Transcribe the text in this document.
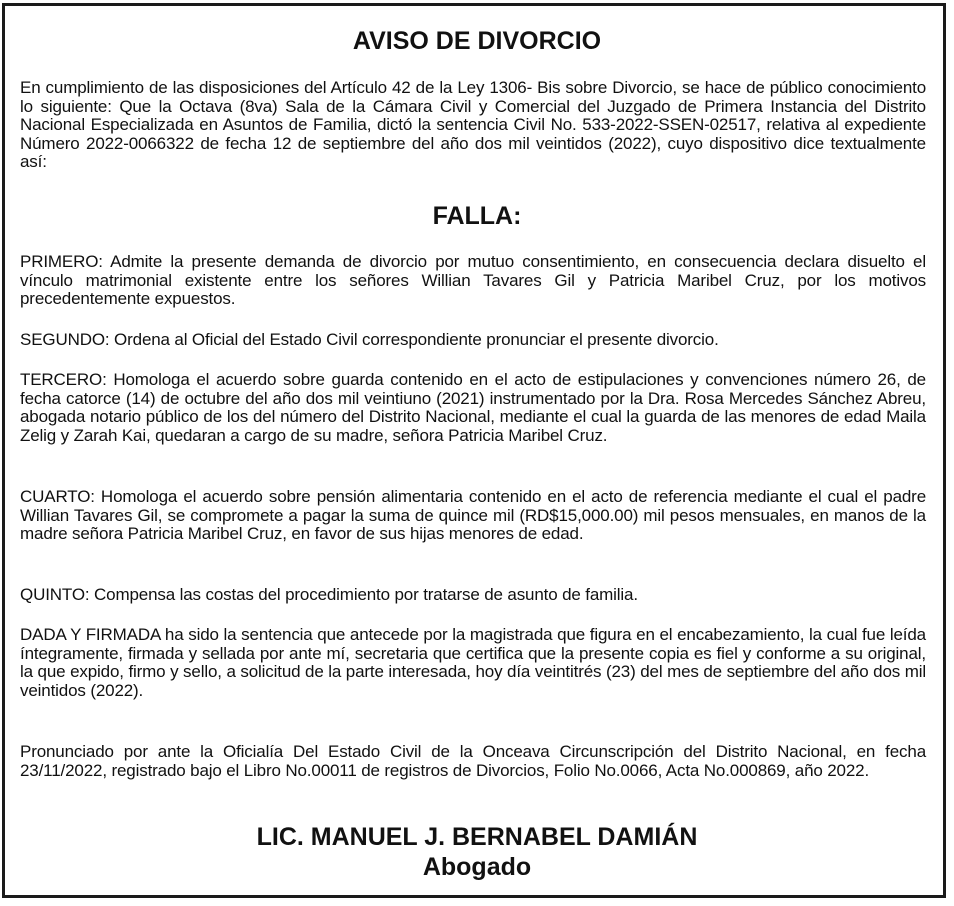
AVISO DE DIVORCIO

En cumplimiento de las disposiciones del Artículo 42 de la Ley 1306- Bis sobre Divorcio, se hace de público conocimiento lo siguiente: Que la Octava (8va) Sala de la Cámara Civil y Comercial del Juzgado de Primera Instancia del Distrito Nacional Especializada en Asuntos de Familia, dictó la sentencia Civil No. 533-2022-SSEN-02517, relativa al expediente Número 2022-0066322 de fecha 12 de septiembre del año dos mil veintidos (2022), cuyo dispositivo dice textualmente así:

FALLA:

PRIMERO: Admite la presente demanda de divorcio por mutuo consentimiento, en consecuencia declara disuelto el vínculo matrimonial existente entre los señores Willian Tavares Gil y Patricia Maribel Cruz, por los motivos precedentemente expuestos.

SEGUNDO: Ordena al Oficial del Estado Civil correspondiente pronunciar el presente divorcio.

TERCERO: Homologa el acuerdo sobre guarda contenido en el acto de estipulaciones y convenciones número 26, de fecha catorce (14) de octubre del año dos mil veintiuno (2021) instrumentado por la Dra. Rosa Mercedes Sánchez Abreu, abogada notario público de los del número del Distrito Nacional, mediante el cual la guarda de las menores de edad Maila Zelig y Zarah Kai, quedaran a cargo de su madre, señora Patricia Maribel Cruz.

CUARTO: Homologa el acuerdo sobre pensión alimentaria contenido en el acto de referencia mediante el cual el padre Willian Tavares Gil, se compromete a pagar la suma de quince mil (RD$15,000.00) mil pesos mensuales, en manos de la madre señora Patricia Maribel Cruz, en favor de sus hijas menores de edad.

QUINTO: Compensa las costas del procedimiento por tratarse de asunto de familia.

DADA Y FIRMADA ha sido la sentencia que antecede por la magistrada que figura en el encabezamiento, la cual fue leída íntegramente, firmada y sellada por ante mí, secretaria que certifica que la presente copia es fiel y conforme a su original, la que expido, firmo y sello, a solicitud de la parte interesada, hoy día veintitrés (23) del mes de septiembre del año dos mil veintidos (2022).

Pronunciado por ante la Oficialía Del Estado Civil de la Onceava Circunscripción del Distrito Nacional, en fecha 23/11/2022, registrado bajo el Libro No.00011 de registros de Divorcios, Folio No.0066, Acta No.000869, año 2022.

LIC. MANUEL J. BERNABEL DAMIÁN
Abogado
